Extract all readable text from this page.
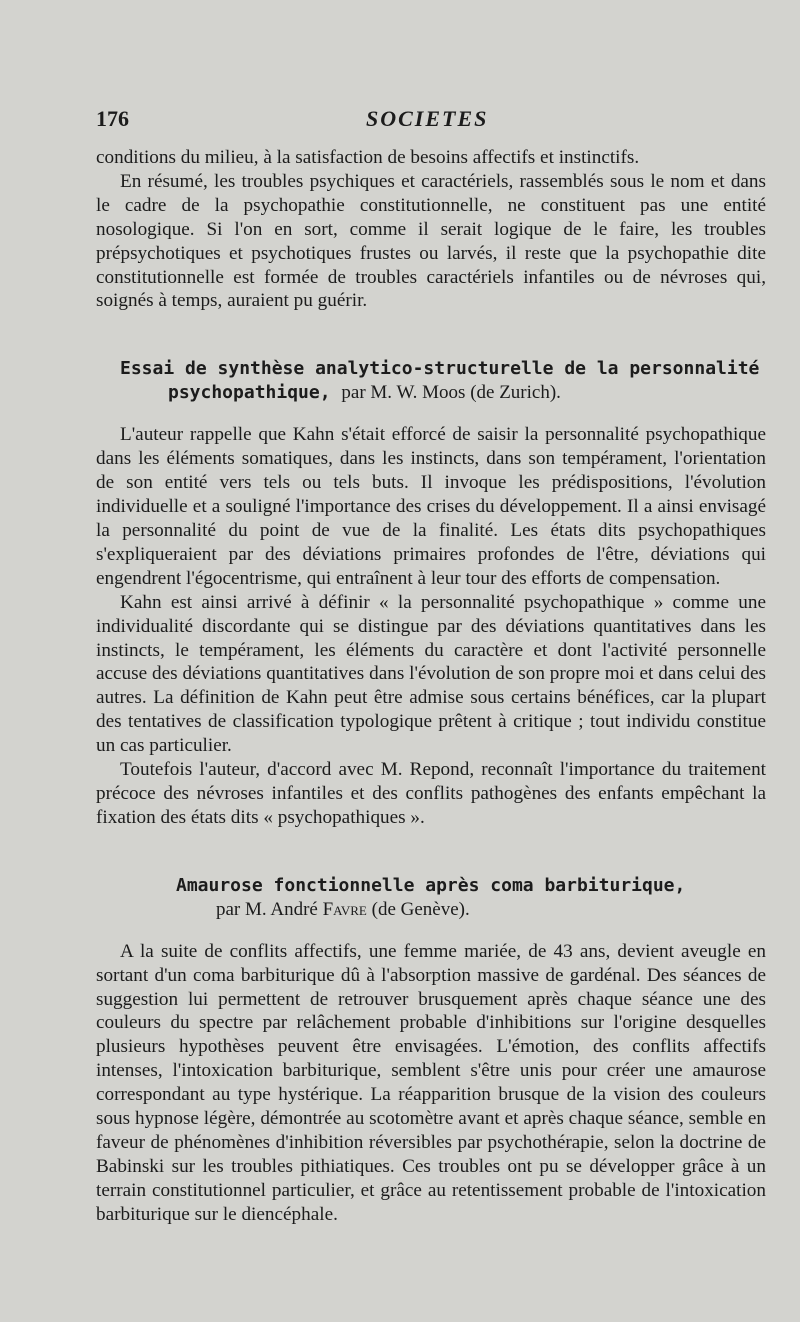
176	SOCIETES

conditions du milieu, à la satisfaction de besoins affectifs et instinctifs.

En résumé, les troubles psychiques et caractériels, rassemblés sous le nom et dans le cadre de la psychopathie constitutionnelle, ne constituent pas une entité nosologique. Si l'on en sort, comme il serait logique de le faire, les troubles prépsychotiques et psychotiques frustes ou larvés, il reste que la psychopathie dite constitutionnelle est formée de troubles caractériels infantiles ou de névroses qui, soignés à temps, auraient pu guérir.

Essai de synthèse analytico-structurelle de la personnalité
psychopathique, par M. W. Moos (de Zurich).

L'auteur rappelle que Kahn s'était efforcé de saisir la personnalité psychopathique dans les éléments somatiques, dans les instincts, dans son tempérament, l'orientation de son entité vers tels ou tels buts. Il invoque les prédispositions, l'évolution individuelle et a souligné l'importance des crises du développement. Il a ainsi envisagé la personnalité du point de vue de la finalité. Les états dits psychopathiques s'expliqueraient par des déviations primaires profondes de l'être, déviations qui engendrent l'égocentrisme, qui entraînent à leur tour des efforts de compensation.

Kahn est ainsi arrivé à définir « la personnalité psychopathique » comme une individualité discordante qui se distingue par des déviations quantitatives dans les instincts, le tempérament, les éléments du caractère et dont l'activité personnelle accuse des déviations quantitatives dans l'évolution de son propre moi et dans celui des autres. La définition de Kahn peut être admise sous certains bénéfices, car la plupart des tentatives de classification typologique prêtent à critique ; tout individu constitue un cas particulier.

Toutefois l'auteur, d'accord avec M. Repond, reconnaît l'importance du traitement précoce des névroses infantiles et des conflits pathogènes des enfants empêchant la fixation des états dits « psychopathiques ».

Amaurose fonctionnelle après coma barbiturique,
par M. André Favre (de Genève).

A la suite de conflits affectifs, une femme mariée, de 43 ans, devient aveugle en sortant d'un coma barbiturique dû à l'absorption massive de gardénal. Des séances de suggestion lui permettent de retrouver brusquement après chaque séance une des couleurs du spectre par relâchement probable d'inhibitions sur l'origine desquelles plusieurs hypothèses peuvent être envisagées. L'émotion, des conflits affectifs intenses, l'intoxication barbiturique, semblent s'être unis pour créer une amaurose correspondant au type hystérique. La réapparition brusque de la vision des couleurs sous hypnose légère, démontrée au scotomètre avant et après chaque séance, semble en faveur de phénomènes d'inhibition réversibles par psychothérapie, selon la doctrine de Babinski sur les troubles pithiatiques. Ces troubles ont pu se développer grâce à un terrain constitutionnel particulier, et grâce au retentissement probable de l'intoxication barbiturique sur le diencéphale.
